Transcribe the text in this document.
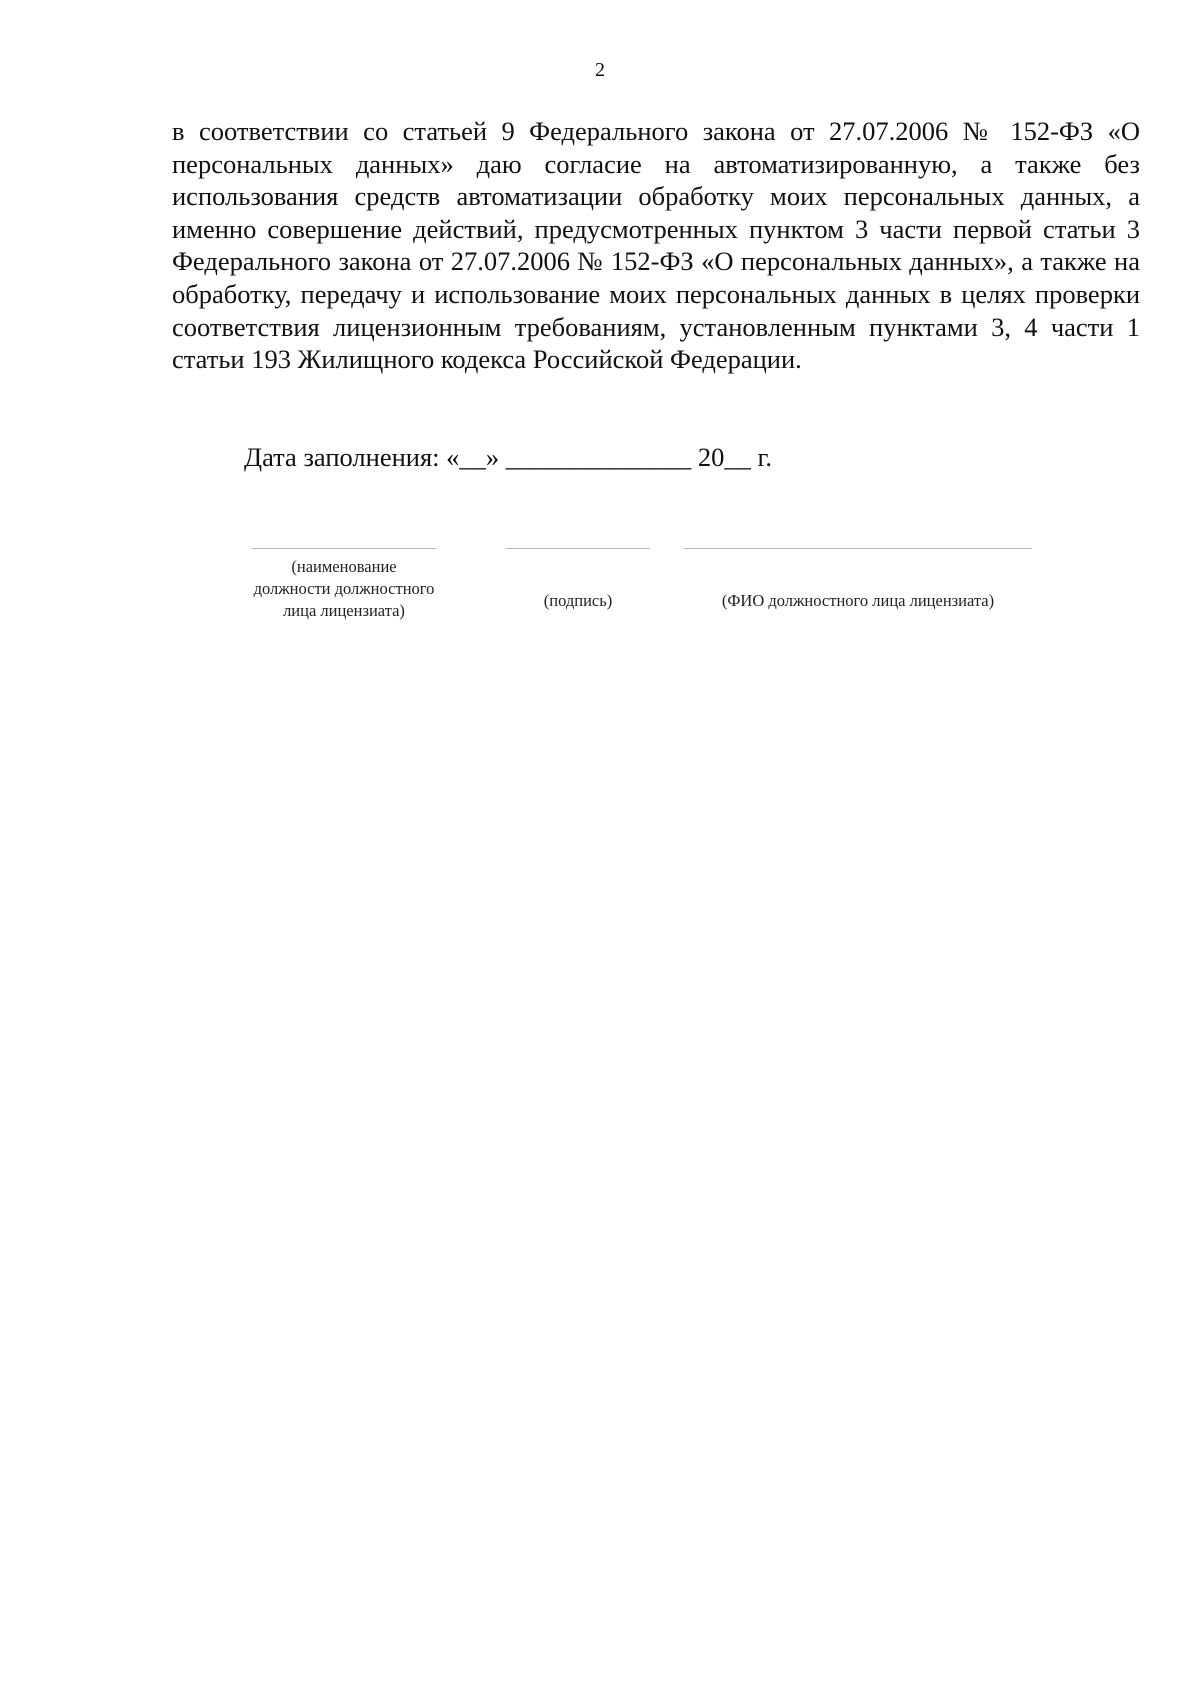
2

в соответствии со статьей 9 Федерального закона от 27.07.2006 № 152-ФЗ «О персональных данных» даю согласие на автоматизированную, а также без использования средств автоматизации обработку моих персональных данных, а именно совершение действий, предусмотренных пунктом 3 части первой статьи 3 Федерального закона от 27.07.2006 № 152-ФЗ «О персональных данных», а также на обработку, передачу и использование моих персональных данных в целях проверки соответствия лицензионным требованиям, установленным пунктами 3, 4 части 1 статьи 193 Жилищного кодекса Российской Федерации.

Дата заполнения: «__» ______________ 20__ г.
(наименование должности должностного лица лицензиата)
(подпись)	(ФИО должностного лица лицензиата)
